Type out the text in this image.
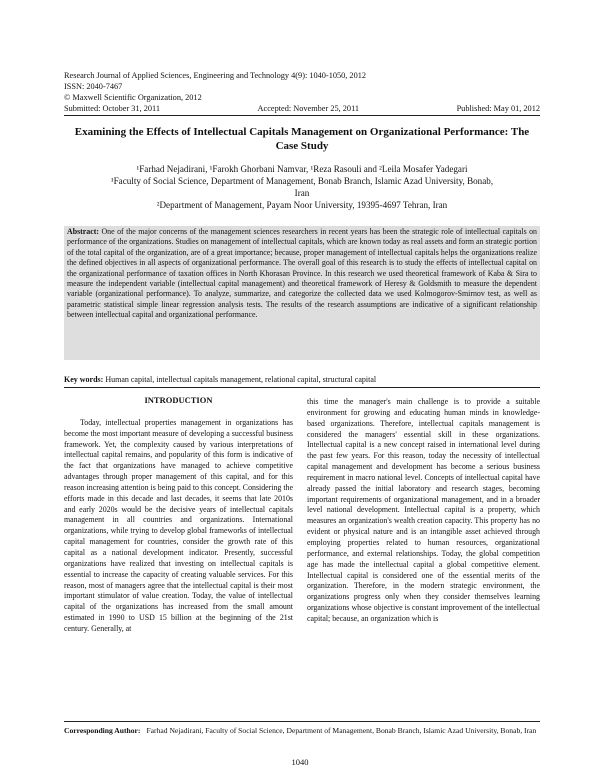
Research Journal of Applied Sciences, Engineering and Technology 4(9): 1040-1050, 2012
ISSN: 2040-7467
© Maxwell Scientific Organization, 2012
Submitted: October 31, 2011	Accepted: November 25, 2011	Published: May 01, 2012
Examining the Effects of Intellectual Capitals Management on Organizational Performance: The Case Study
¹Farhad Nejadirani, ¹Farokh Ghorbani Namvar, ¹Reza Rasouli and ²Leila Mosafer Yadegari
¹Faculty of Social Science, Department of Management, Bonab Branch, Islamic Azad University, Bonab, Iran
²Department of Management, Payam Noor University, 19395-4697 Tehran, Iran
Abstract: One of the major concerns of the management sciences researchers in recent years has been the strategic role of intellectual capitals on performance of the organizations. Studies on management of intellectual capitals, which are known today as real assets and form an strategic portion of the total capital of the organization, are of a great importance; because, proper management of intellectual capitals helps the organizations realize the defined objectives in all aspects of organizational performance. The overall goal of this research is to study the effects of intellectual capital on the organizational performance of taxation offices in North Khorasan Province. In this research we used theoretical framework of Kaba & Sira to measure the independent variable (intellectual capital management) and theoretical framework of Heresy & Goldsmith to measure the dependent variable (organizational performance). To analyze, summarize, and categorize the collected data we used Kolmogorov-Smirnov test, as well as parametric statistical simple linear regression analysis tests. The results of the research assumptions are indicative of a significant relationship between intellectual capital and organizational performance.
Key words: Human capital, intellectual capitals management, relational capital, structural capital
INTRODUCTION

Today, intellectual properties management in organizations has become the most important measure of developing a successful business framework. Yet, the complexity caused by various interpretations of intellectual capital remains, and popularity of this form is indicative of the fact that organizations have managed to achieve competitive advantages through proper management of this capital, and for this reason increasing attention is being paid to this concept. Considering the efforts made in this decade and last decades, it seems that late 2010s and early 2020s would be the decisive years of intellectual capitals management in all countries and organizations. International organizations, while trying to develop global frameworks of intellectual capital management for countries, consider the growth rate of this capital as a national development indicator. Presently, successful organizations have realized that investing on intellectual capitals is essential to increase the capacity of creating valuable services. For this reason, most of managers agree that the intellectual capital is their most important stimulator of value creation. Today, the value of intellectual capital of the organizations has increased from the small amount estimated in 1990 to USD 15 billion at the beginning of the 21st century. Generally, at

this time the manager's main challenge is to provide a suitable environment for growing and educating human minds in knowledge-based organizations. Therefore, intellectual capitals management is considered the managers' essential skill in these organizations. Intellectual capital is a new concept raised in international level during the past few years. For this reason, today the necessity of intellectual capital management and development has become a serious business requirement in macro national level. Concepts of intellectual capital have already passed the initial laboratory and research stages, becoming important requirements of organizational management, and in a broader level national development. Intellectual capital is a property, which measures an organization's wealth creation capacity. This property has no evident or physical nature and is an intangible asset achieved through employing properties related to human resources, organizational performance, and external relationships. Today, the global competition age has made the intellectual capital a global competitive element. Intellectual capital is considered one of the essential merits of the organization. Therefore, in the modern strategic environment, the organizations progress only when they consider themselves learning organizations whose objective is constant improvement of the intellectual capital; because, an organization which is

Corresponding Author: Farhad Nejadirani, Faculty of Social Science, Department of Management, Bonab Branch, Islamic Azad University, Bonab, Iran
1040
